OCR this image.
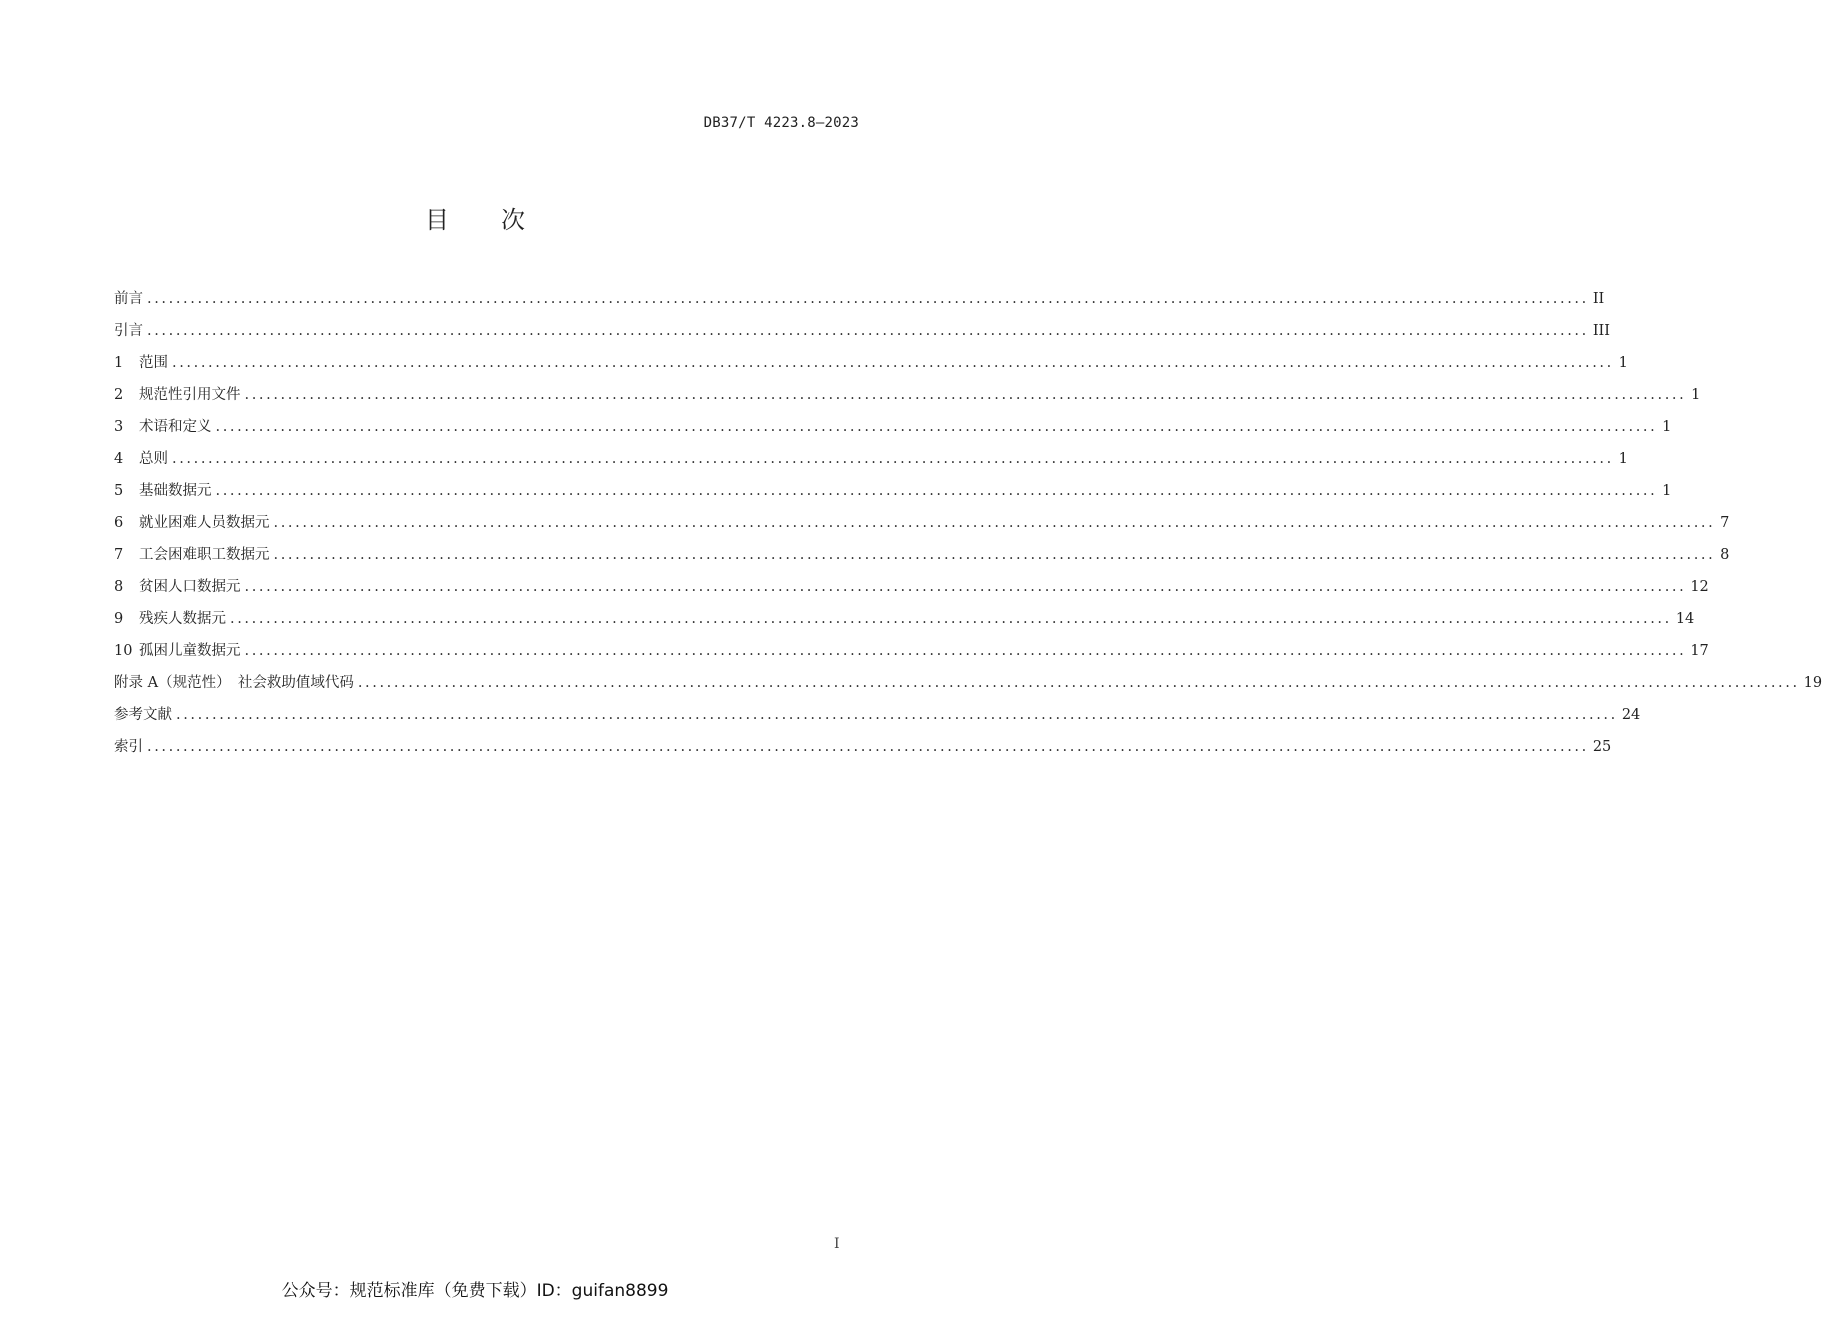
DB37/T 4223.8—2023
目次
前言 ........................................................................................................................................................................................................ II
引言 ........................................................................................................................................................................................................ III
1	范围 ........................................................................................................................................................................................................ 1
2	规范性引用文件 ........................................................................................................................................................................................................ 1
3	术语和定义 ........................................................................................................................................................................................................ 1
4	总则 ........................................................................................................................................................................................................ 1
5	基础数据元 ........................................................................................................................................................................................................ 1
6	就业困难人员数据元 ........................................................................................................................................................................................................ 7
7	工会困难职工数据元 ........................................................................................................................................................................................................ 8
8	贫困人口数据元 ........................................................................................................................................................................................................ 12
9	残疾人数据元 ........................................................................................................................................................................................................ 14
10 孤困儿童数据元 ........................................................................................................................................................................................................ 17
附录 A（规范性）　社会救助值域代码 ........................................................................................................................................................................................................ 19
参考文献 ........................................................................................................................................................................................................ 24
索引 ........................................................................................................................................................................................................ 25
I
公众号：规范标准库（免费下载）ID：guifan8899
